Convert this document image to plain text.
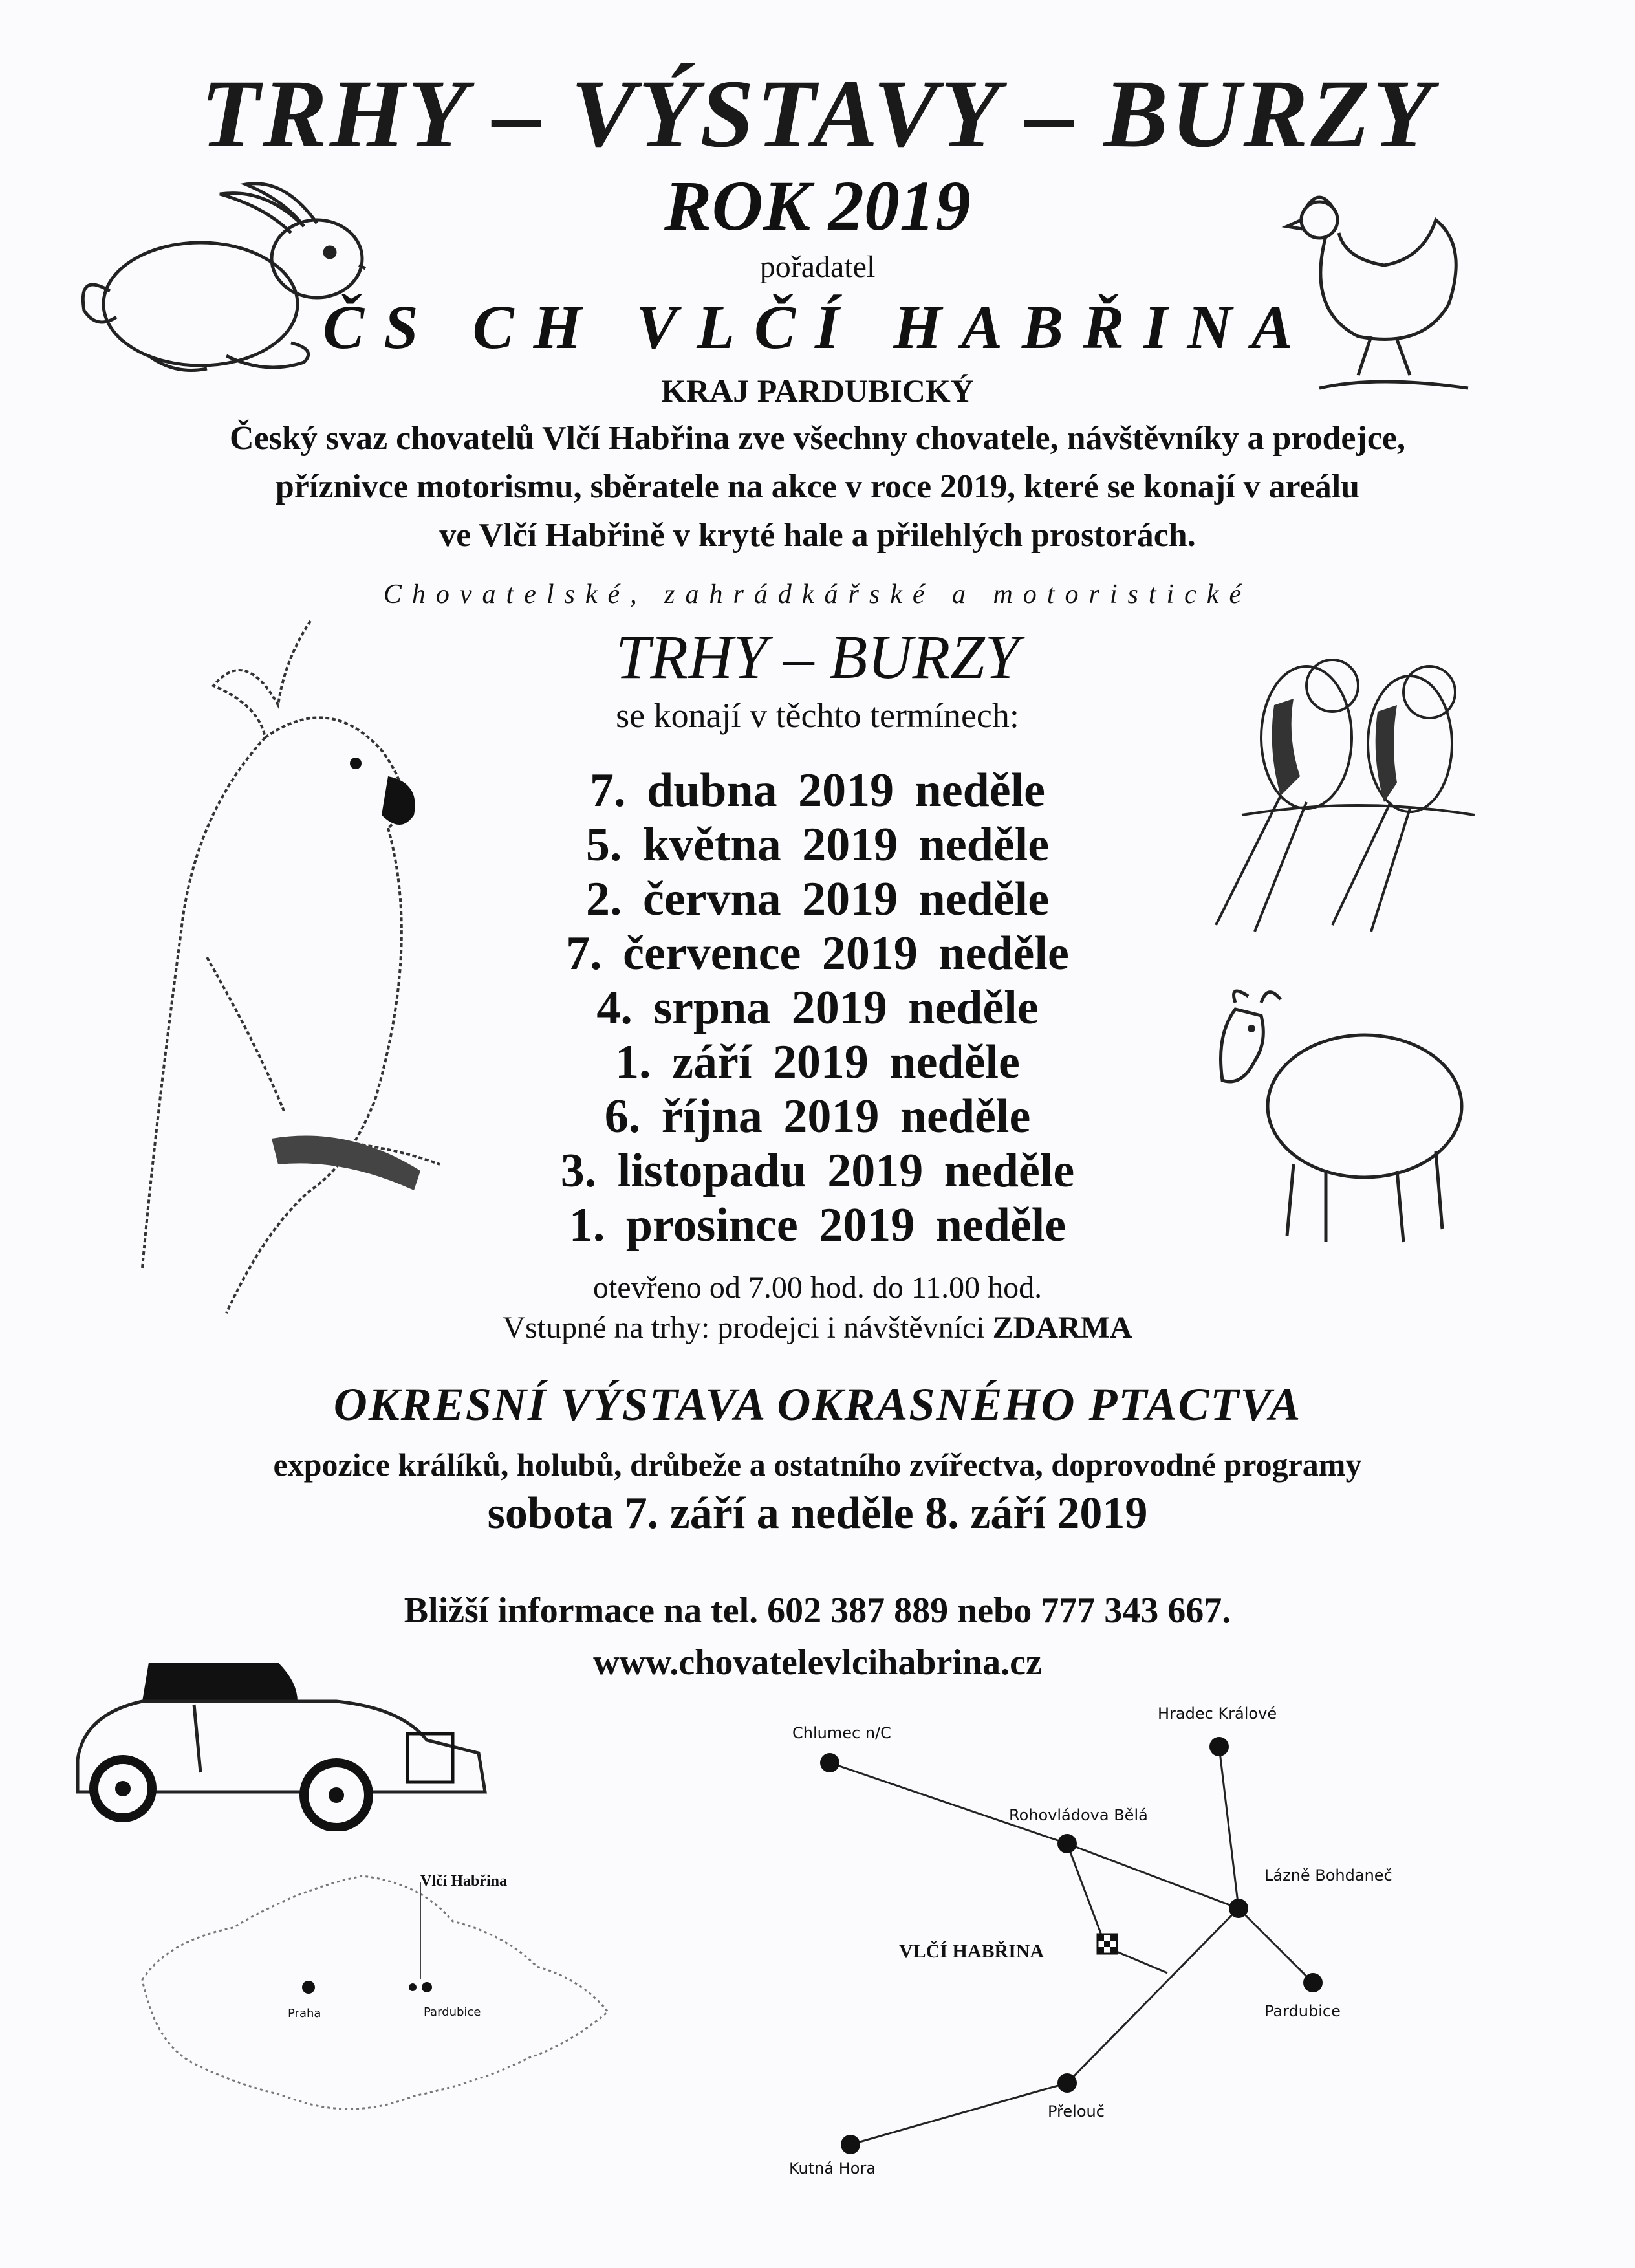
TRHY – VÝSTAVY – BURZY
ROK 2019
pořadatel
ČS CH VLČÍ HABŘINA
KRAJ PARDUBICKÝ
Český svaz chovatelů Vlčí Habřina zve všechny chovatele, návštěvníky a prodejce,
příznivce motorismu, sběratele na akce v roce 2019, které se konají v areálu
ve Vlčí Habřině v kryté hale a přilehlých prostorách.
Chovatelské, zahrádkářské a motoristické
TRHY – BURZY
se konají v těchto termínech:
7. dubna 2019 neděle
5. května 2019 neděle
2. června 2019 neděle
7. července 2019 neděle
4. srpna 2019 neděle
1. září 2019 neděle
6. října 2019 neděle
3. listopadu 2019 neděle
1. prosince 2019 neděle
otevřeno od 7.00 hod. do 11.00 hod.
Vstupné na trhy: prodejci i návštěvníci ZDARMA
OKRESNÍ VÝSTAVA OKRASNÉHO PTACTVA
expozice králíků, holubů, drůbeže a ostatního zvířectva, doprovodné programy
sobota 7. září a neděle 8. září 2019
Bližší informace na tel. 602 387 889 nebo 777 343 667.
www.chovatelevlcihabrina.cz
Vlčí Habřina
Praha	Pardubice
Chlumec n/C
Hradec Králové
Rohovládova Bělá
Lázně Bohdaneč
VLČÍ HABŘINA
Pardubice
Přelouč
Kutná Hora
